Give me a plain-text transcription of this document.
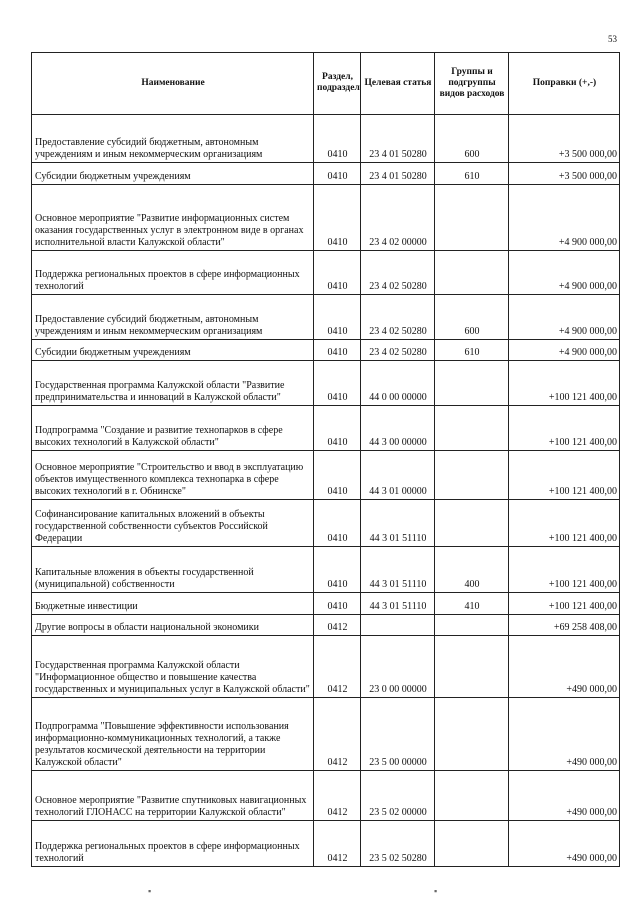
53
Наименование	Раздел, подраздел	Целевая статья	Группы и подгруппы видов расходов	Поправки (+,-)
Предоставление субсидий бюджетным, автономным учреждениям и иным некоммерческим организациям	0410	23 4 01 50280	600	+3 500 000,00
Субсидии бюджетным учреждениям	0410	23 4 01 50280	610	+3 500 000,00
Основное мероприятие "Развитие информационных систем оказания государственных услуг в электронном виде в органах исполнительной власти Калужской области"	0410	23 4 02 00000		+4 900 000,00
Поддержка региональных проектов в сфере информационных технологий	0410	23 4 02 50280		+4 900 000,00
Предоставление субсидий бюджетным, автономным учреждениям и иным некоммерческим организациям	0410	23 4 02 50280	600	+4 900 000,00
Субсидии бюджетным учреждениям	0410	23 4 02 50280	610	+4 900 000,00
Государственная программа Калужской области "Развитие предпринимательства и инноваций в Калужской области"	0410	44 0 00 00000		+100 121 400,00
Подпрограмма "Создание и развитие технопарков в сфере высоких технологий в Калужской области"	0410	44 3 00 00000		+100 121 400,00
Основное мероприятие "Строительство и ввод в эксплуатацию объектов имущественного комплекса технопарка в сфере высоких технологий в г. Обнинске"	0410	44 3 01 00000		+100 121 400,00
Софинансирование капитальных вложений в объекты государственной собственности субъектов Российской Федерации	0410	44 3 01 51110		+100 121 400,00
Капитальные вложения в объекты государственной (муниципальной) собственности	0410	44 3 01 51110	400	+100 121 400,00
Бюджетные инвестиции	0410	44 3 01 51110	410	+100 121 400,00
Другие вопросы в области национальной экономики	0412			+69 258 408,00
Государственная программа Калужской области "Информационное общество и повышение качества государственных и муниципальных услуг в Калужской области"	0412	23 0 00 00000		+490 000,00
Подпрограмма "Повышение эффективности использования информационно-коммуникационных технологий, а также результатов космической деятельности на территории Калужской области"	0412	23 5 00 00000		+490 000,00
Основное мероприятие "Развитие спутниковых навигационных технологий ГЛОНАСС на территории Калужской области"	0412	23 5 02 00000		+490 000,00
Поддержка региональных проектов в сфере информационных технологий	0412	23 5 02 50280		+490 000,00
▪	▪
